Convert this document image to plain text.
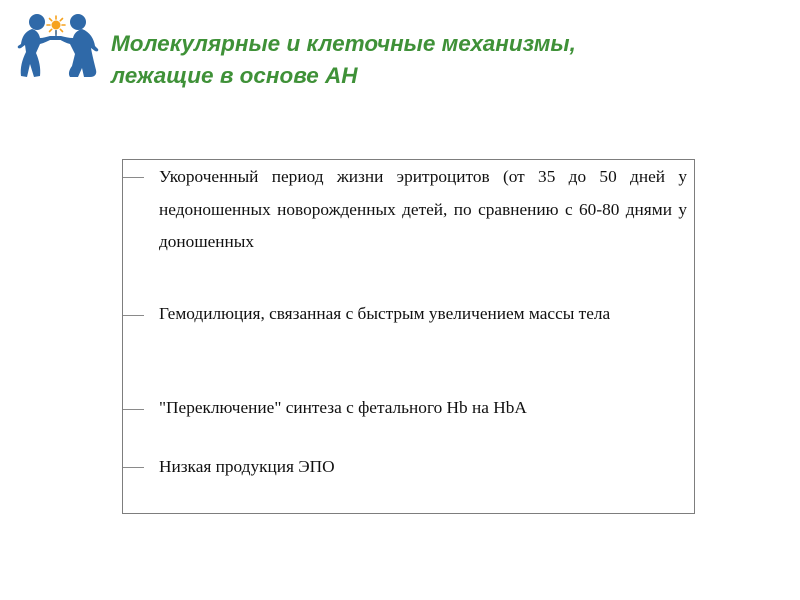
Молекулярные и клеточные механизмы,
лежащие в основе АН

Укороченный период жизни эритроцитов (от 35 до 50 дней у недоношенных новорожденных детей, по сравнению с 60-80 днями у доношенных

Гемодилюция, связанная с быстрым увеличением массы тела

"Переключение" синтеза с фетального Hb на HbA

Низкая продукция ЭПО
